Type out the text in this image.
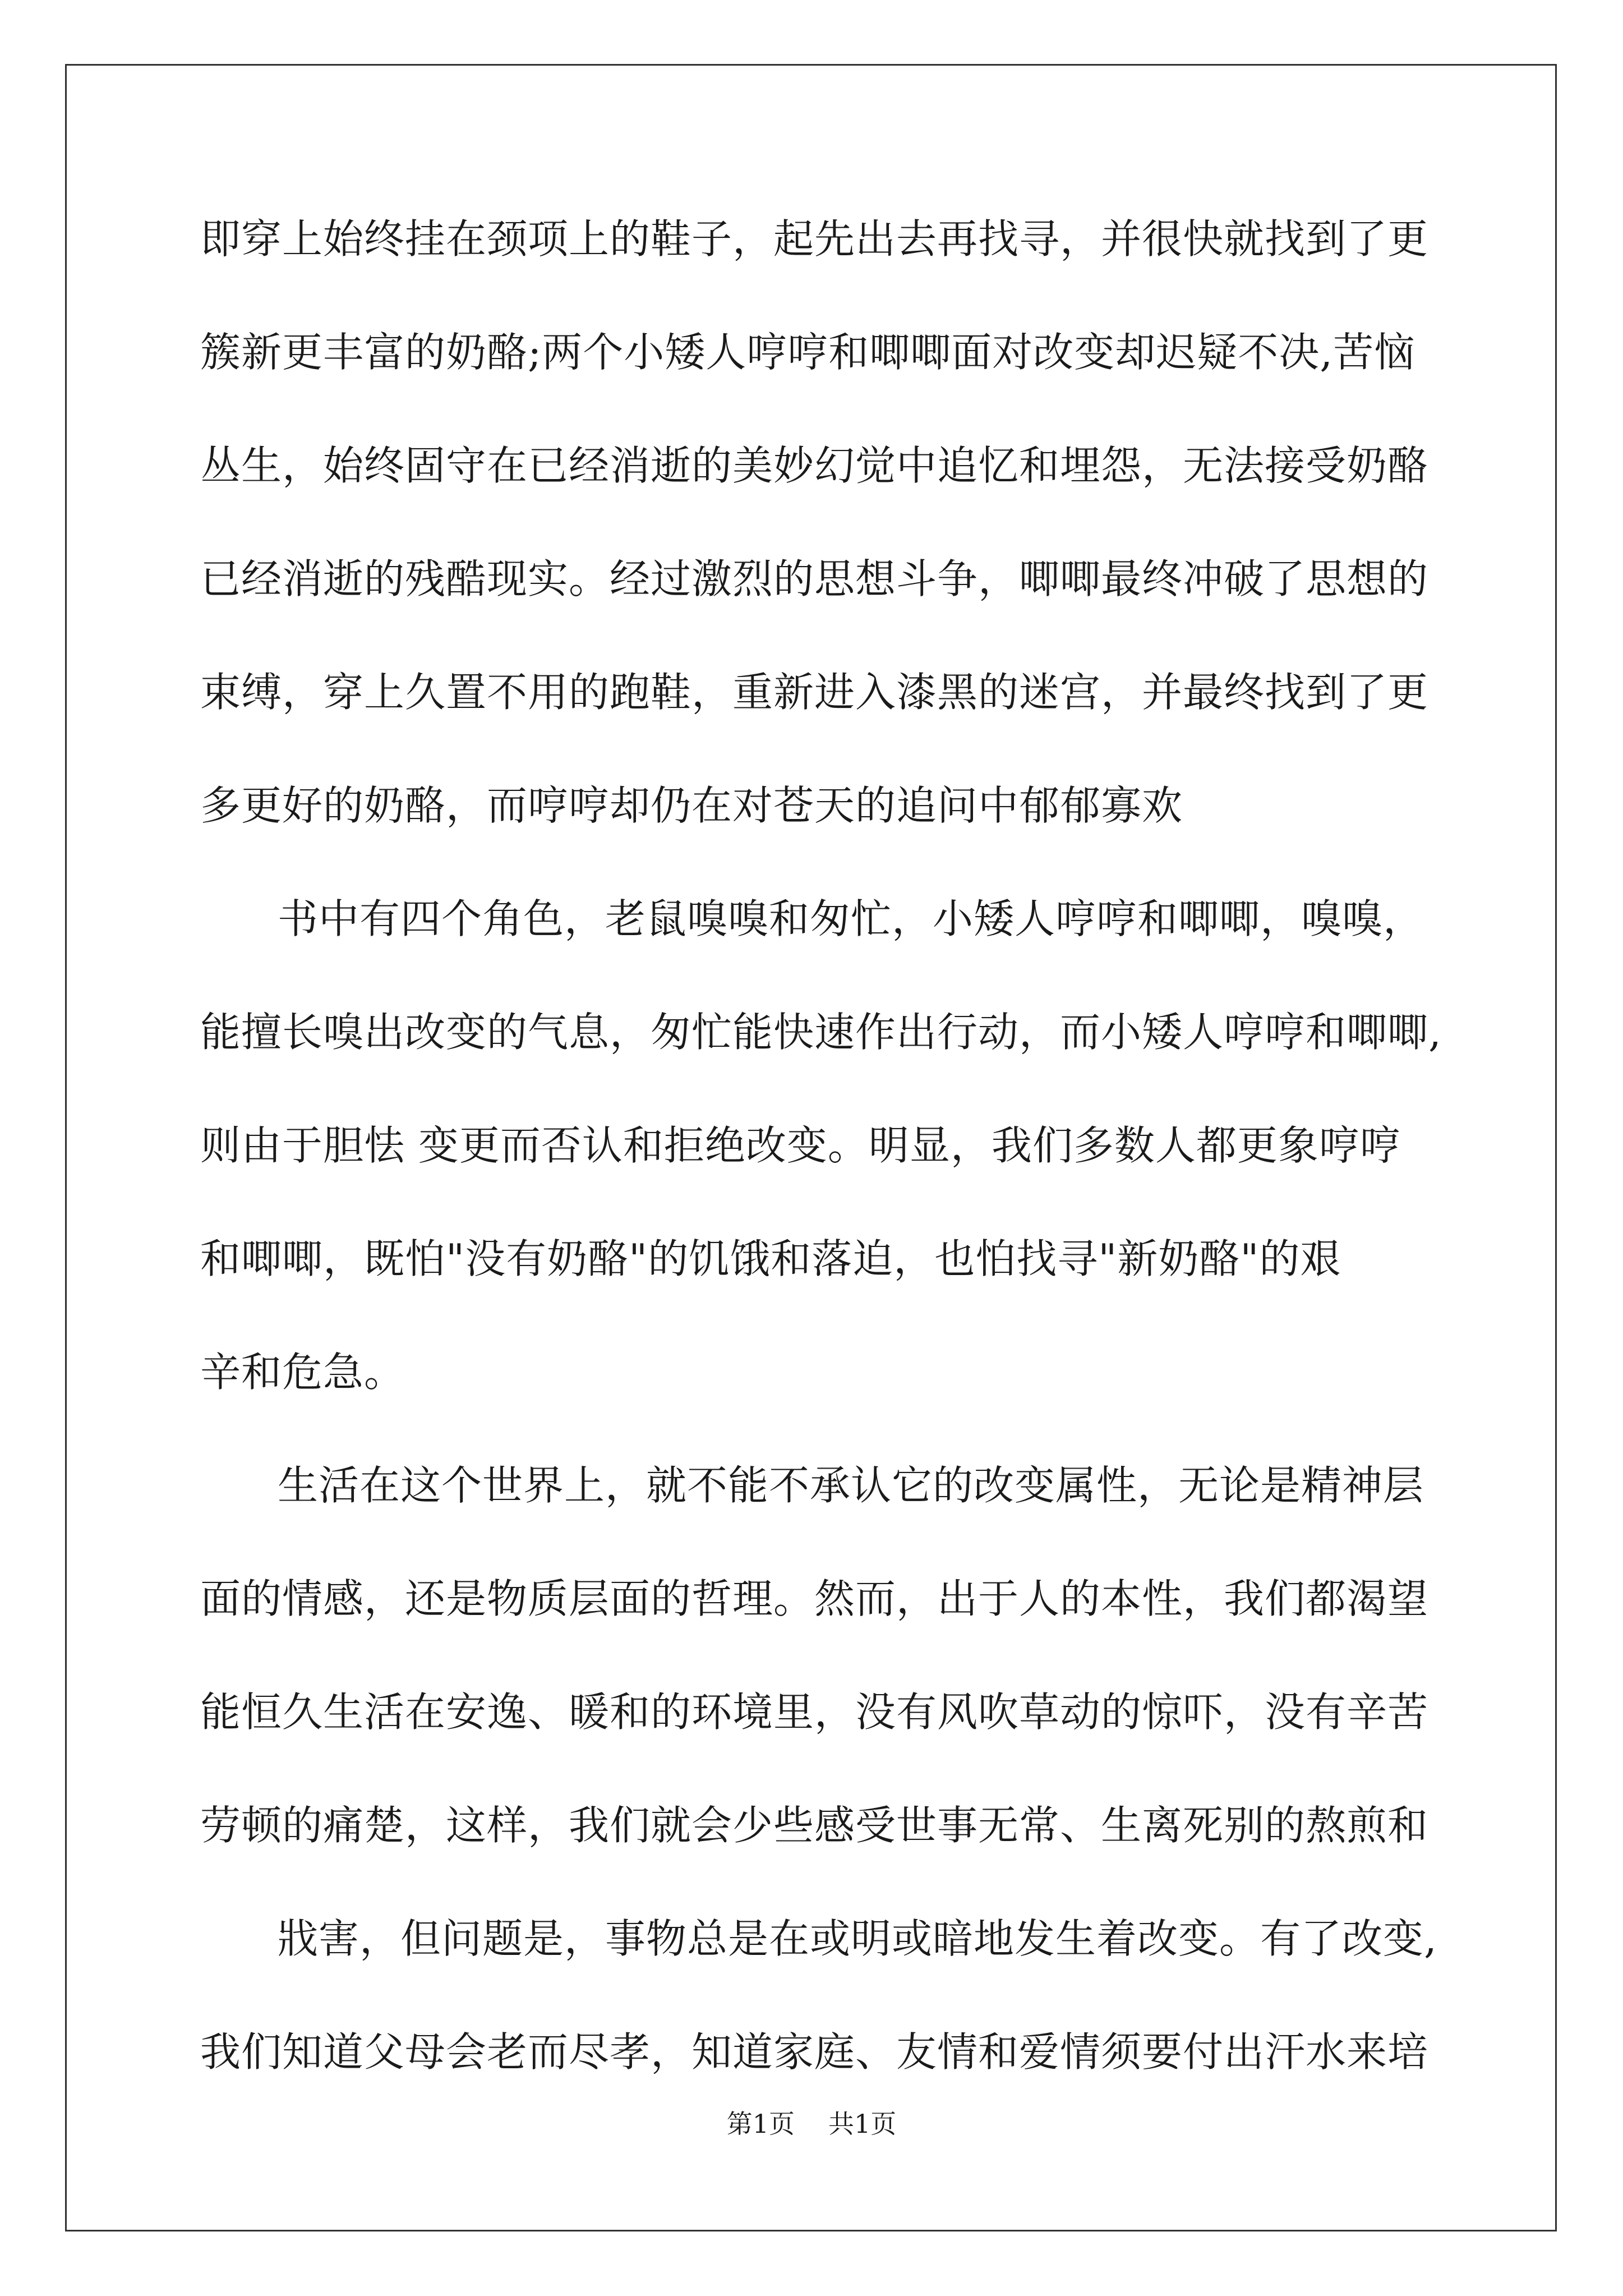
即穿上始终挂在颈项上的鞋子，起先出去再找寻，并很快就找到了更
簇新更丰富的奶酪;两个小矮人哼哼和唧唧面对改变却迟疑不决,苦恼
丛生，始终固守在已经消逝的美妙幻觉中追忆和埋怨，无法接受奶酪
已经消逝的残酷现实。经过激烈的思想斗争，唧唧最终冲破了思想的
束缚，穿上久置不用的跑鞋，重新进入漆黑的迷宫，并最终找到了更
多更好的奶酪，而哼哼却仍在对苍天的追问中郁郁寡欢
书中有四个角色，老鼠嗅嗅和匆忙，小矮人哼哼和唧唧，嗅嗅，
能擅长嗅出改变的气息，匆忙能快速作出行动，而小矮人哼哼和唧唧,
则由于胆怯 变更而否认和拒绝改变。明显，我们多数人都更象哼哼
和唧唧，既怕"没有奶酪"的饥饿和落迫，也怕找寻"新奶酪"的艰
辛和危急。
生活在这个世界上，就不能不承认它的改变属性，无论是精神层
面的情感，还是物质层面的哲理。然而，出于人的本性，我们都渴望
能恒久生活在安逸、暖和的环境里，没有风吹草动的惊吓，没有辛苦
劳顿的痛楚，这样，我们就会少些感受世事无常、生离死别的熬煎和
戕害，但问题是，事物总是在或明或暗地发生着改变。有了改变,
我们知道父母会老而尽孝，知道家庭、友情和爱情须要付出汗水来培
第1页 共1页
